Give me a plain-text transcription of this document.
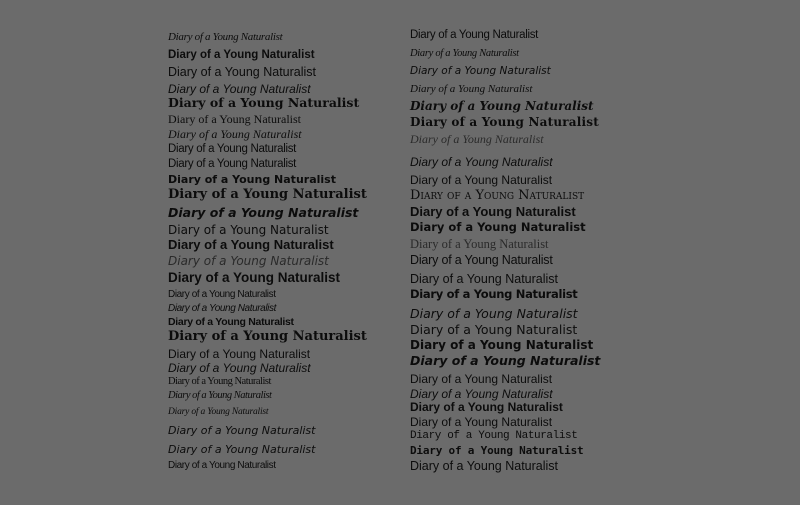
Diary of a Young Naturalist
Diary of a Young Naturalist
Diary of a Young Naturalist
Diary of a Young Naturalist
Diary of a Young Naturalist
Diary of a Young Naturalist
Diary of a Young Naturalist
Diary of a Young Naturalist
Diary of a Young Naturalist
Diary of a Young Naturalist
Diary of a Young Naturalist
Diary of a Young Naturalist
Diary of a Young Naturalist
Diary of a Young Naturalist
Diary of a Young Naturalist
Diary of a Young Naturalist
Diary of a Young Naturalist
Diary of a Young Naturalist
Diary of a Young Naturalist
Diary of a Young Naturalist
Diary of a Young Naturalist
Diary of a Young Naturalist
Diary of a Young Naturalist
Diary of a Young Naturalist
Diary of a Young Naturalist
Diary of a Young Naturalist
Diary of a Young Naturalist
Diary of a Young Naturalist
Diary of a Young Naturalist
Diary of a Young Naturalist
Diary of a Young Naturalist
Diary of a Young Naturalist
Diary of a Young Naturalist
Diary of a Young Naturalist
Diary of a Young Naturalist
Diary of a Young Naturalist
Diary of a Young Naturalist
Diary of a Young Naturalist
Diary of a Young Naturalist
Diary of a Young Naturalist
Diary of a Young Naturalist
Diary of a Young Naturalist
Diary of a Young Naturalist
Diary of a Young Naturalist
Diary of a Young Naturalist
Diary of a Young Naturalist
Diary of a Young Naturalist
Diary of a Young Naturalist
Diary of a Young Naturalist
Diary of a Young Naturalist
Diary of a Young Naturalist
Diary of a Young Naturalist
Diary of a Young Naturalist
Diary of a Young Naturalist
Diary of a Young Naturalist
